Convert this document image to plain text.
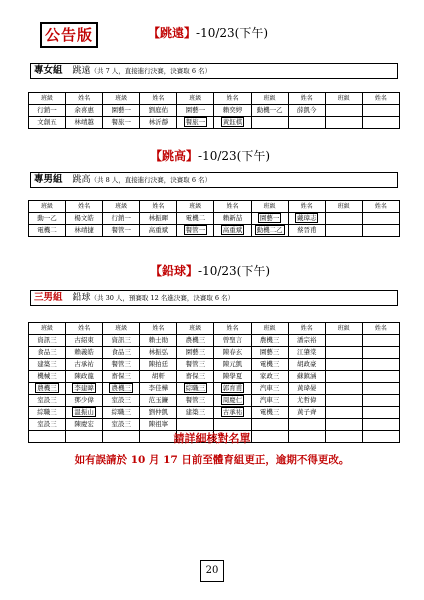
公告版	【跳遠】-10/23(下午)
專女組 跳遠（共 7 人，直接進行決賽，決賽取 6 名）
班級	姓名	班級	姓名	班級	姓名	班級	姓名	班級	姓名
行銷一	余喜惠	園藝一	劉庭佑	園藝一	賴奕婷	動機一乙	薛凱今		
文創五	林靖越	餐旅一	林沂靜	餐旅一	黃鈺棋				
【跳高】-10/23(下午)
專男組 跳高（共 8 人，直接進行決賽，決賽取 6 名）
班級	姓名	班級	姓名	班級	姓名	班級	姓名	班級	姓名
動一乙	楊文皓	行銷一	林振暉	電機二	賴新喆	園藝一	戴璋志		
電機二	林靖捷	餐管一	高重斌	餐管一	高重斌	動機二乙	蔡晉甫		
【鉛球】-10/23(下午)
三男組 鉛球（共 30 人，預賽取 12 名進決賽，決賽取 6 名）
班級	姓名	班級	姓名	班級	姓名	班級	姓名	班級	姓名
資訊三	古紹東	資訊三	賴士勛	農機三	曾聖言	農機三	潘宗裕		
食品三	賴義皓	食品三	林振弘	園藝三	陳春玄	園藝三	江肇棠		
建築三	古承祐	餐管三	陳拍廷	餐管三	陳元凱	電機三	胡政豪		
機械三	陳政龍	畜保三	胡軒	畜保三	陳學夏	家政三	蘇鎮涵		
農機三	李建暐	農機三	李佳樺	綜職三	郭育甫	汽車三	黃瑋晏		
室設三	鄧少偉	室設三	范玉鐮	餐管三	周慶仁	汽車三	尤哲偉		
綜職三	温振山	綜職三	劉仲凱	建築三	古承祐	電機三	黃子齊		
室設三	陳慶宏	室設三	陳祖寧						

請詳細核對名單
如有誤請於 10 月 17 日前至體育組更正，逾期不得更改。
20
